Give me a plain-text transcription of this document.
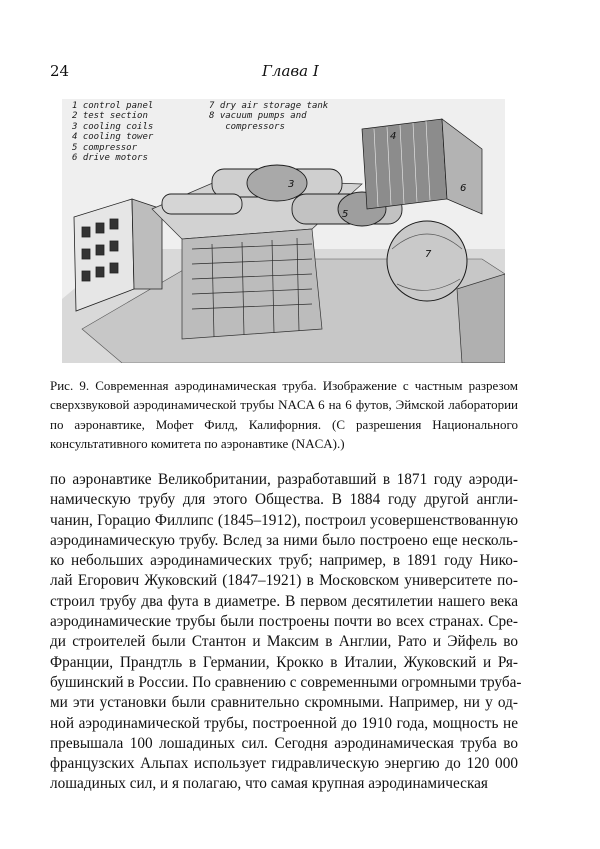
24	Глава I
4
3
5
6
7
1 control panel
2 test section
3 cooling coils
4 cooling tower
5 compressor
6 drive motors
7 dry air storage tank
8 vacuum pumps and
compressors
Рис. 9. Современная аэродинамическая труба. Изображение с частным разрезом сверхзвуковой аэродинамической трубы NACA 6 на 6 футов, Эймской лаборатории по аэронавтике, Мофет Филд, Калифорния. (С разрешения Национального консультативного комитета по аэронавтике (NACA).)
по аэронавтике Великобритании, разработавший в 1871 году аэроди-
намическую трубу для этого Общества. В 1884 году другой англи-
чанин, Горацио Филлипс (1845–1912), построил усовершенствованную
аэродинамическую трубу. Вслед за ними было построено еще несколь-
ко небольших аэродинамических труб; например, в 1891 году Нико-
лай Егорович Жуковский (1847–1921) в Московском университете по-
строил трубу два фута в диаметре. В первом десятилетии нашего века
аэродинамические трубы были построены почти во всех странах. Сре-
ди строителей были Стантон и Максим в Англии, Рато и Эйфель во
Франции, Прандтль в Германии, Крокко в Италии, Жуковский и Ря-
бушинский в России. По сравнению с современными огромными труба-
ми эти установки были сравнительно скромными. Например, ни у од-
ной аэродинамической трубы, построенной до 1910 года, мощность не
превышала 100 лошадиных сил. Сегодня аэродинамическая труба во
французских Альпах использует гидравлическую энергию до 120 000
лошадиных сил, и я полагаю, что самая крупная аэродинамическая
